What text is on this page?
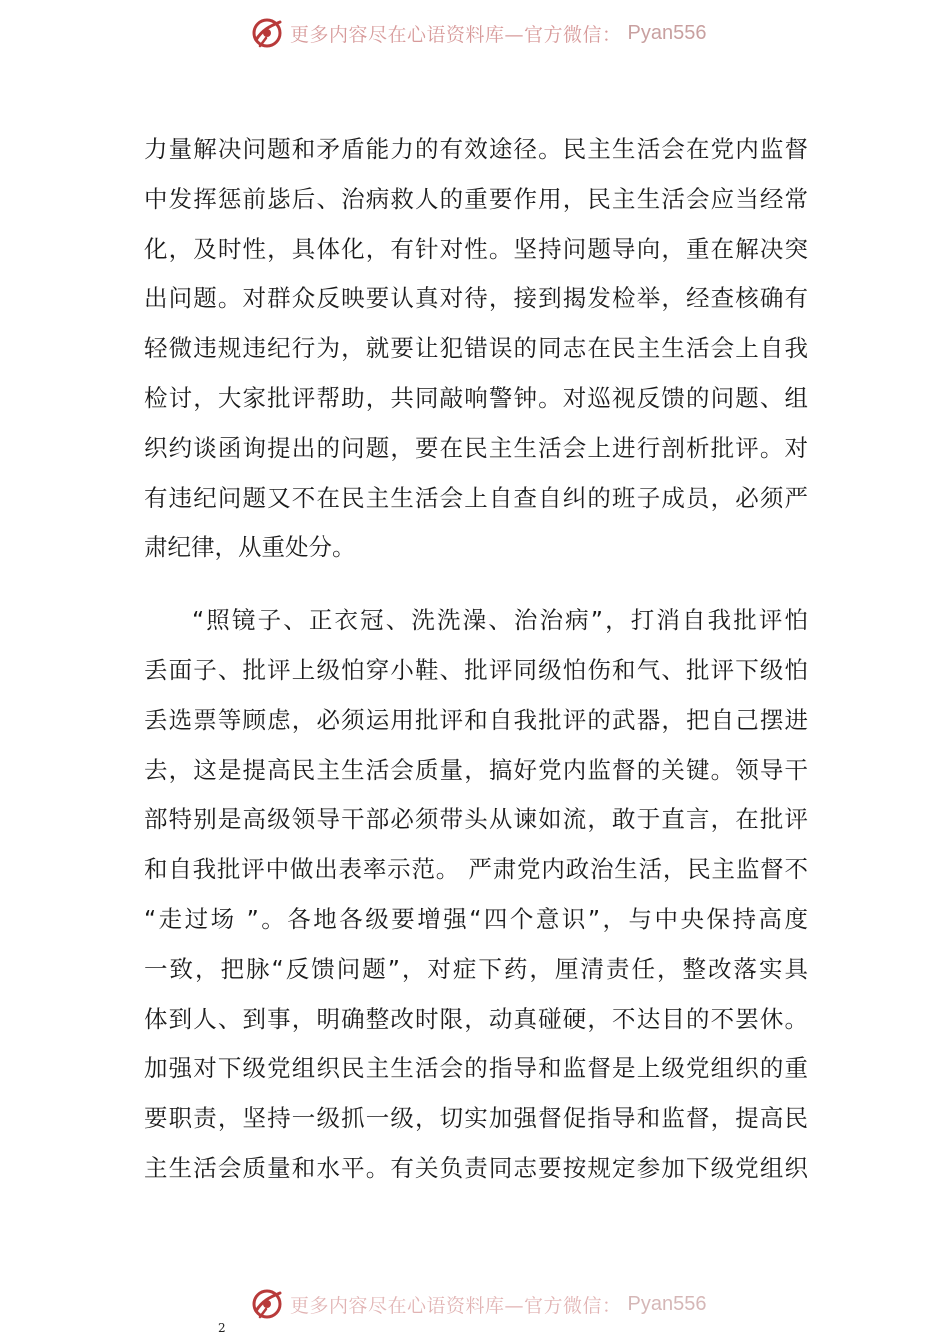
更多内容尽在心语资料库—官方微信： Pyan556

力量解决问题和矛盾能力的有效途径。民主生活会在党内监督
中发挥惩前毖后、治病救人的重要作用，民主生活会应当经常
化，及时性，具体化，有针对性。坚持问题导向，重在解决突
出问题。对群众反映要认真对待，接到揭发检举，经查核确有
轻微违规违纪行为，就要让犯错误的同志在民主生活会上自我
检讨，大家批评帮助，共同敲响警钟。对巡视反馈的问题、组
织约谈函询提出的问题，要在民主生活会上进行剖析批评。对
有违纪问题又不在民主生活会上自查自纠的班子成员，必须严
肃纪律，从重处分。

“照镜子、正衣冠、洗洗澡、治治病”，打消自我批评怕
丢面子、批评上级怕穿小鞋、批评同级怕伤和气、批评下级怕
丢选票等顾虑，必须运用批评和自我批评的武器，把自己摆进
去，这是提高民主生活会质量，搞好党内监督的关键。领导干
部特别是高级领导干部必须带头从谏如流，敢于直言，在批评
和自我批评中做出表率示范。 严肃党内政治生活，民主监督不
“走过场 ”。各地各级要增强“四个意识”，与中央保持高度
一致，把脉“反馈问题”，对症下药，厘清责任，整改落实具
体到人、到事，明确整改时限，动真碰硬，不达目的不罢休。
加强对下级党组织民主生活会的指导和监督是上级党组织的重
要职责，坚持一级抓一级，切实加强督促指导和监督，提高民
主生活会质量和水平。有关负责同志要按规定参加下级党组织

更多内容尽在心语资料库—官方微信： Pyan556
2
